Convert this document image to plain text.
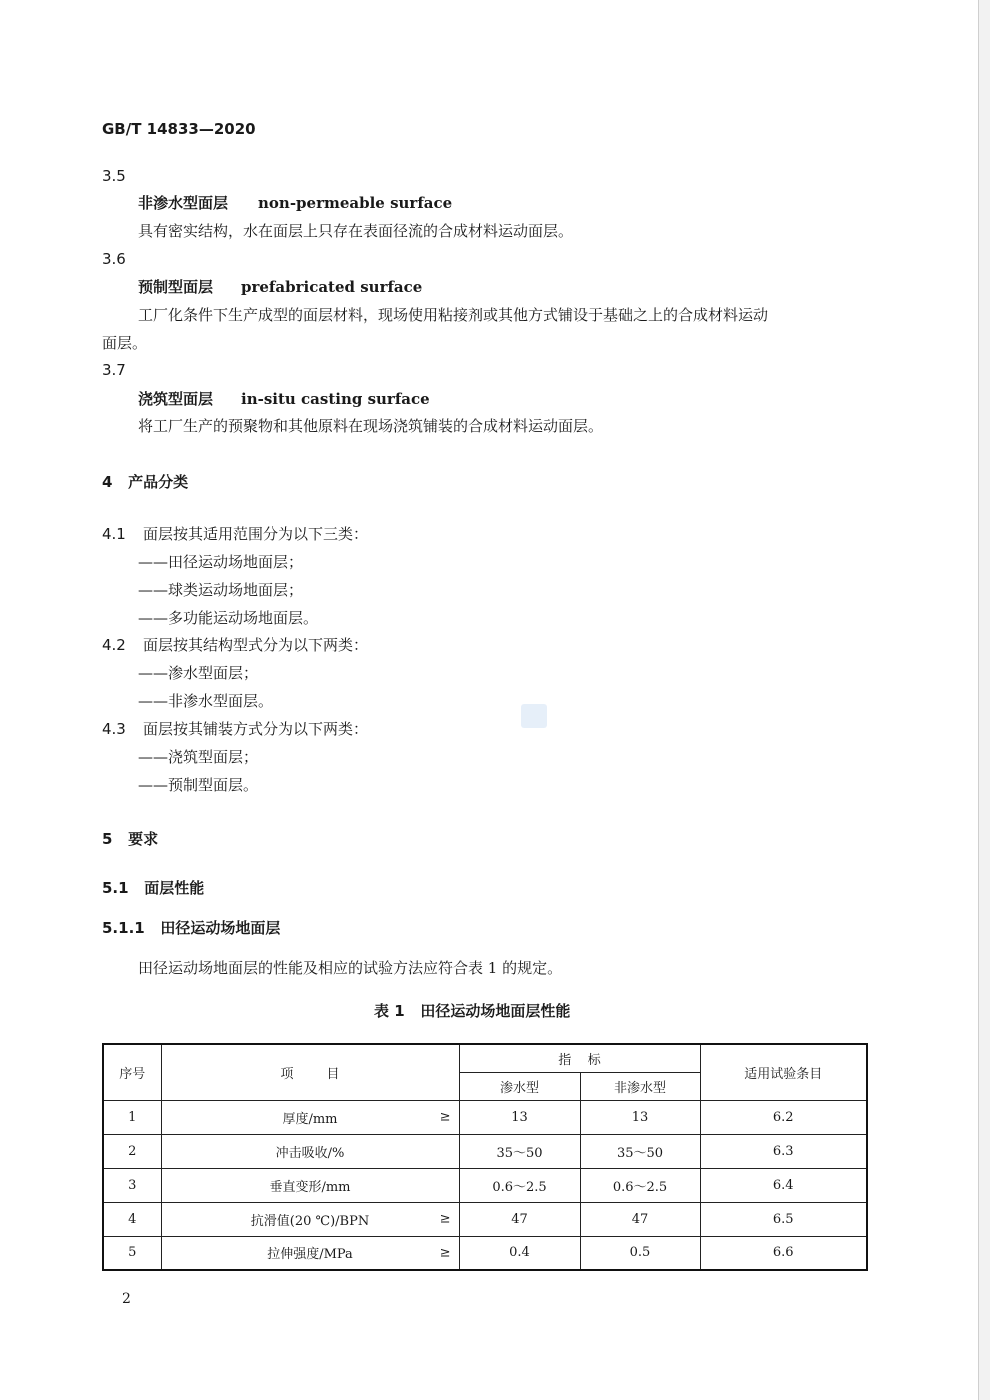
GB/T 14833—2020
3.5
非渗水型面层 non-permeable surface
具有密实结构，水在面层上只存在表面径流的合成材料运动面层。
3.6
预制型面层 prefabricated surface
工厂化条件下生产成型的面层材料，现场使用粘接剂或其他方式铺设于基础之上的合成材料运动
面层。
3.7
浇筑型面层 in-situ casting surface
将工厂生产的预聚物和其他原料在现场浇筑铺装的合成材料运动面层。
4   产品分类
4.1 面层按其适用范围分为以下三类：
——田径运动场地面层；
——球类运动场地面层；
——多功能运动场地面层。
4.2 面层按其结构型式分为以下两类：
——渗水型面层；
——非渗水型面层。
4.3 面层按其铺装方式分为以下两类：
——浇筑型面层；
——预制型面层。
5   要求
5.1   面层性能
5.1.1   田径运动场地面层
田径运动场地面层的性能及相应的试验方法应符合表 1 的规定。
表 1   田径运动场地面层性能
序号	项        目	指    标		适用试验条目
		渗水型	非渗水型	
1	厚度/mm ≥	13	13	6.2
2	冲击吸收/%	35～50	35～50	6.3
3	垂直变形/mm	0.6～2.5	0.6～2.5	6.4
4	抗滑值(20 ℃)/BPN ≥	47	47	6.5
5	拉伸强度/MPa ≥	0.4	0.5	6.6
2
